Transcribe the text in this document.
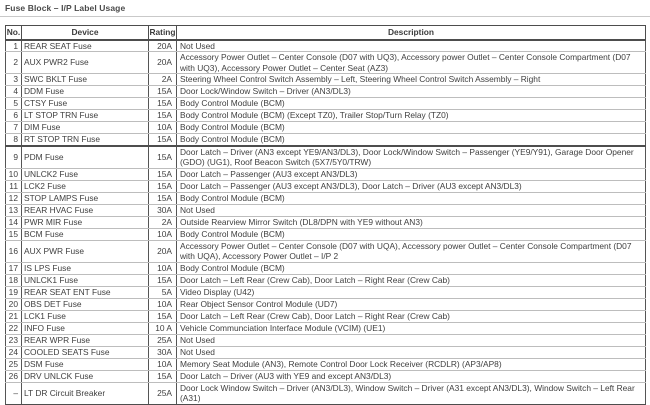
Fuse Block – I/P Label Usage
No.	Device	Rating	Description
1	REAR SEAT Fuse	20A	Not Used
2	AUX PWR2 Fuse	20A	Accessory Power Outlet – Center Console (D07 with UQ3), Accessory power Outlet – Center Console Compartment (D07 with UQ3), Accessory Power Outlet – Center Seat (AZ3)
3	SWC BKLT Fuse	2A	Steering Wheel Control Switch Assembly – Left, Steering Wheel Control Switch Assembly – Right
4	DDM Fuse	15A	Door Lock/Window Switch – Driver (AN3/DL3)
5	CTSY Fuse	15A	Body Control Module (BCM)
6	LT STOP TRN Fuse	15A	Body Control Module (BCM) (Except TZ0), Trailer Stop/Turn Relay (TZ0)
7	DIM Fuse	10A	Body Control Module (BCM)
8	RT STOP TRN Fuse	15A	Body Control Module (BCM)
9	PDM Fuse	15A	Door Latch – Driver (AN3 except YE9/AN3/DL3), Door Lock/Window Switch – Passenger (YE9/Y91), Garage Door Opener (GDO) (UG1), Roof Beacon Switch (5X7/5Y0/TRW)
10	UNLCK2 Fuse	15A	Door Latch – Passenger (AU3 except AN3/DL3)
11	LCK2 Fuse	15A	Door Latch – Passenger (AU3 except AN3/DL3), Door Latch – Driver (AU3 except AN3/DL3)
12	STOP LAMPS Fuse	15A	Body Control Module (BCM)
13	REAR HVAC Fuse	30A	Not Used
14	PWR MIR Fuse	2A	Outside Rearview Mirror Switch (DL8/DPN with YE9 without AN3)
15	BCM Fuse	10A	Body Control Module (BCM)
16	AUX PWR Fuse	20A	Accessory Power Outlet – Center Console (D07 with UQA), Accessory power Outlet – Center Console Compartment (D07 with UQA), Accessory Power Outlet – I/P 2
17	IS LPS Fuse	10A	Body Control Module (BCM)
18	UNLCK1 Fuse	15A	Door Latch – Left Rear (Crew Cab), Door Latch – Right Rear (Crew Cab)
19	REAR SEAT ENT Fuse	5A	Video Display (U42)
20	OBS DET Fuse	10A	Rear Object Sensor Control Module (UD7)
21	LCK1 Fuse	15A	Door Latch – Left Rear (Crew Cab), Door Latch – Right Rear (Crew Cab)
22	INFO Fuse	10 A	Vehicle Communciation Interface Module (VCIM) (UE1)
23	REAR WPR Fuse	25A	Not Used
24	COOLED SEATS Fuse	30A	Not Used
25	DSM Fuse	10A	Memory Seat Module (AN3), Remote Control Door Lock Receiver (RCDLR) (AP3/AP8)
26	DRV UNLCK Fuse	15A	Door Latch – Driver (AU3 with YE9 and except AN3/DL3)
–	LT DR Circuit Breaker	25A	Door Lock Window Switch – Driver (AN3/DL3), Window Switch – Driver (A31 except AN3/DL3), Window Switch – Left Rear (A31)
